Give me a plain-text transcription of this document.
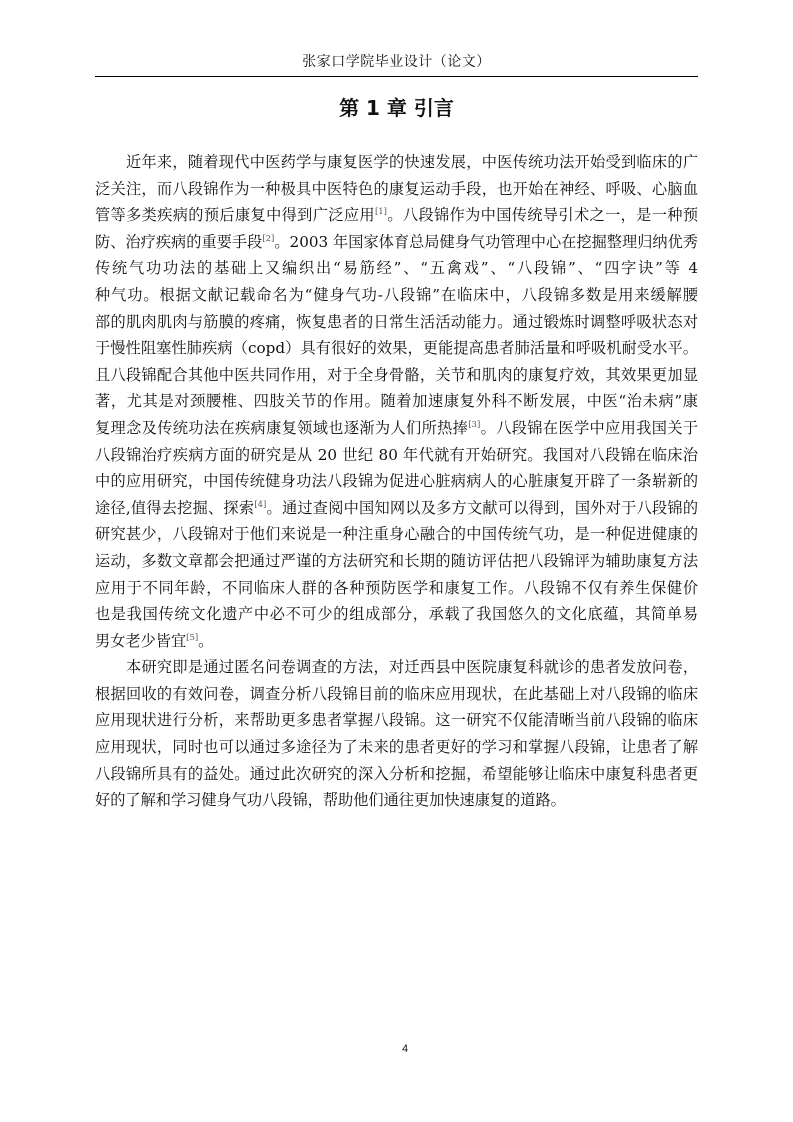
张家口学院毕业设计（论文）
第 1 章 引言
近年来，随着现代中医药学与康复医学的快速发展，中医传统功法开始受到临床的广
泛关注，而八段锦作为一种极具中医特色的康复运动手段，也开始在神经、呼吸、心脑血
管等多类疾病的预后康复中得到广泛应用[1]。八段锦作为中国传统导引术之一，是一种预
防、治疗疾病的重要手段[2]。2003 年国家体育总局健身气功管理中心在挖掘整理归纳优秀
传统气功功法的基础上又编织出“易筋经”、“五禽戏”、“八段锦”、“四字诀”等 4
种气功。根据文献记载命名为“健身气功-八段锦”在临床中，八段锦多数是用来缓解腰
部的肌肉肌肉与筋膜的疼痛，恢复患者的日常生活活动能力。通过锻炼时调整呼吸状态对
于慢性阻塞性肺疾病（copd）具有很好的效果，更能提高患者肺活量和呼吸机耐受水平。
且八段锦配合其他中医共同作用，对于全身骨骼，关节和肌肉的康复疗效，其效果更加显
著，尤其是对颈腰椎、四肢关节的作用。随着加速康复外科不断发展，中医“治未病”康
复理念及传统功法在疾病康复领域也逐渐为人们所热捧[3]。八段锦在医学中应用我国关于
八段锦治疗疾病方面的研究是从 20 世纪 80 年代就有开始研究。我国对八段锦在临床治
中的应用研究，中国传统健身功法八段锦为促进心脏病病人的心脏康复开辟了一条崭新的
途径,值得去挖掘、探索[4]。通过查阅中国知网以及多方文献可以得到，国外对于八段锦的
研究甚少，八段锦对于他们来说是一种注重身心融合的中国传统气功，是一种促进健康的
运动，多数文章都会把通过严谨的方法研究和长期的随访评估把八段锦评为辅助康复方法
应用于不同年龄，不同临床人群的各种预防医学和康复工作。八段锦不仅有养生保健价
也是我国传统文化遗产中必不可少的组成部分，承载了我国悠久的文化底蕴，其简单易
男女老少皆宜[5]。
本研究即是通过匿名问卷调查的方法，对迁西县中医院康复科就诊的患者发放问卷，
根据回收的有效问卷，调查分析八段锦目前的临床应用现状，在此基础上对八段锦的临床
应用现状进行分析，来帮助更多患者掌握八段锦。这一研究不仅能清晰当前八段锦的临床
应用现状，同时也可以通过多途径为了未来的患者更好的学习和掌握八段锦，让患者了解
八段锦所具有的益处。通过此次研究的深入分析和挖掘，希望能够让临床中康复科患者更
好的了解和学习健身气功八段锦，帮助他们通往更加快速康复的道路。
4
